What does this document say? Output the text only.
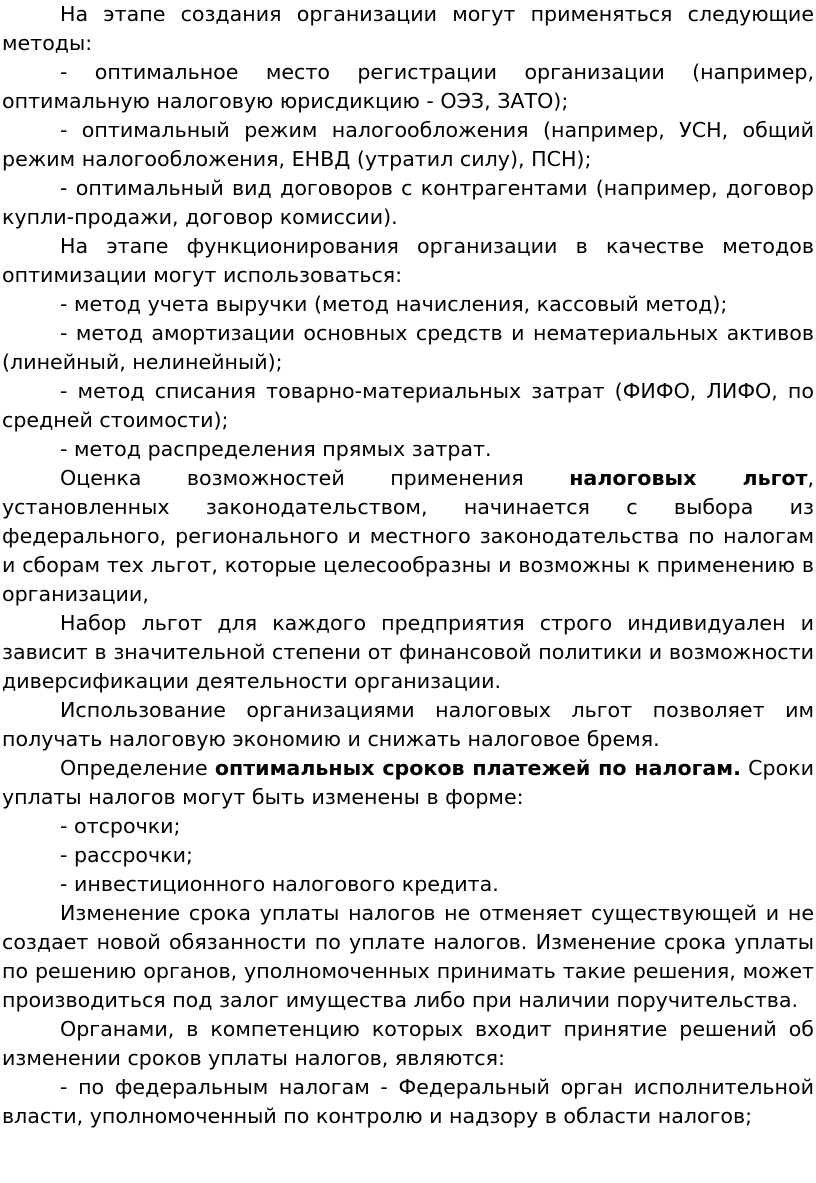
На этапе создания организации могут применяться следующие методы:

- оптимальное место регистрации организации (например, оптимальную налоговую юрисдикцию - ОЭЗ, ЗАТО);

- оптимальный режим налогообложения (например, УСН, общий режим налогообложения, ЕНВД (утратил силу), ПСН);

- оптимальный вид договоров с контрагентами (например, договор купли-продажи, договор комиссии).

На этапе функционирования организации в качестве методов оптимизации могут использоваться:

- метод учета выручки (метод начисления, кассовый метод);

- метод амортизации основных средств и нематериальных активов (линейный, нелинейный);

- метод списания товарно-материальных затрат (ФИФО, ЛИФО, по средней стоимости);

- метод распределения прямых затрат.

Оценка возможностей применения налоговых льгот, установленных законодательством, начинается с выбора из федерального, регионального и местного законодательства по налогам и сборам тех льгот, которые целесообразны и возможны к применению в организации,

Набор льгот для каждого предприятия строго индивидуален и зависит в значительной степени от финансовой политики и возможности диверсификации деятельности организации.

Использование организациями налоговых льгот позволяет им получать налоговую экономию и снижать налоговое бремя.

Определение оптимальных сроков платежей по налогам. Сроки уплаты налогов могут быть изменены в форме:

- отсрочки;

- рассрочки;

- инвестиционного налогового кредита.

Изменение срока уплаты налогов не отменяет существующей и не создает новой обязанности по уплате налогов. Изменение срока уплаты по решению органов, уполномоченных принимать такие решения, может производиться под залог имущества либо при наличии поручительства.

Органами, в компетенцию которых входит принятие решений об изменении сроков уплаты налогов, являются:

- по федеральным налогам - Федеральный орган исполнительной власти, уполномоченный по контролю и надзору в области налогов;
